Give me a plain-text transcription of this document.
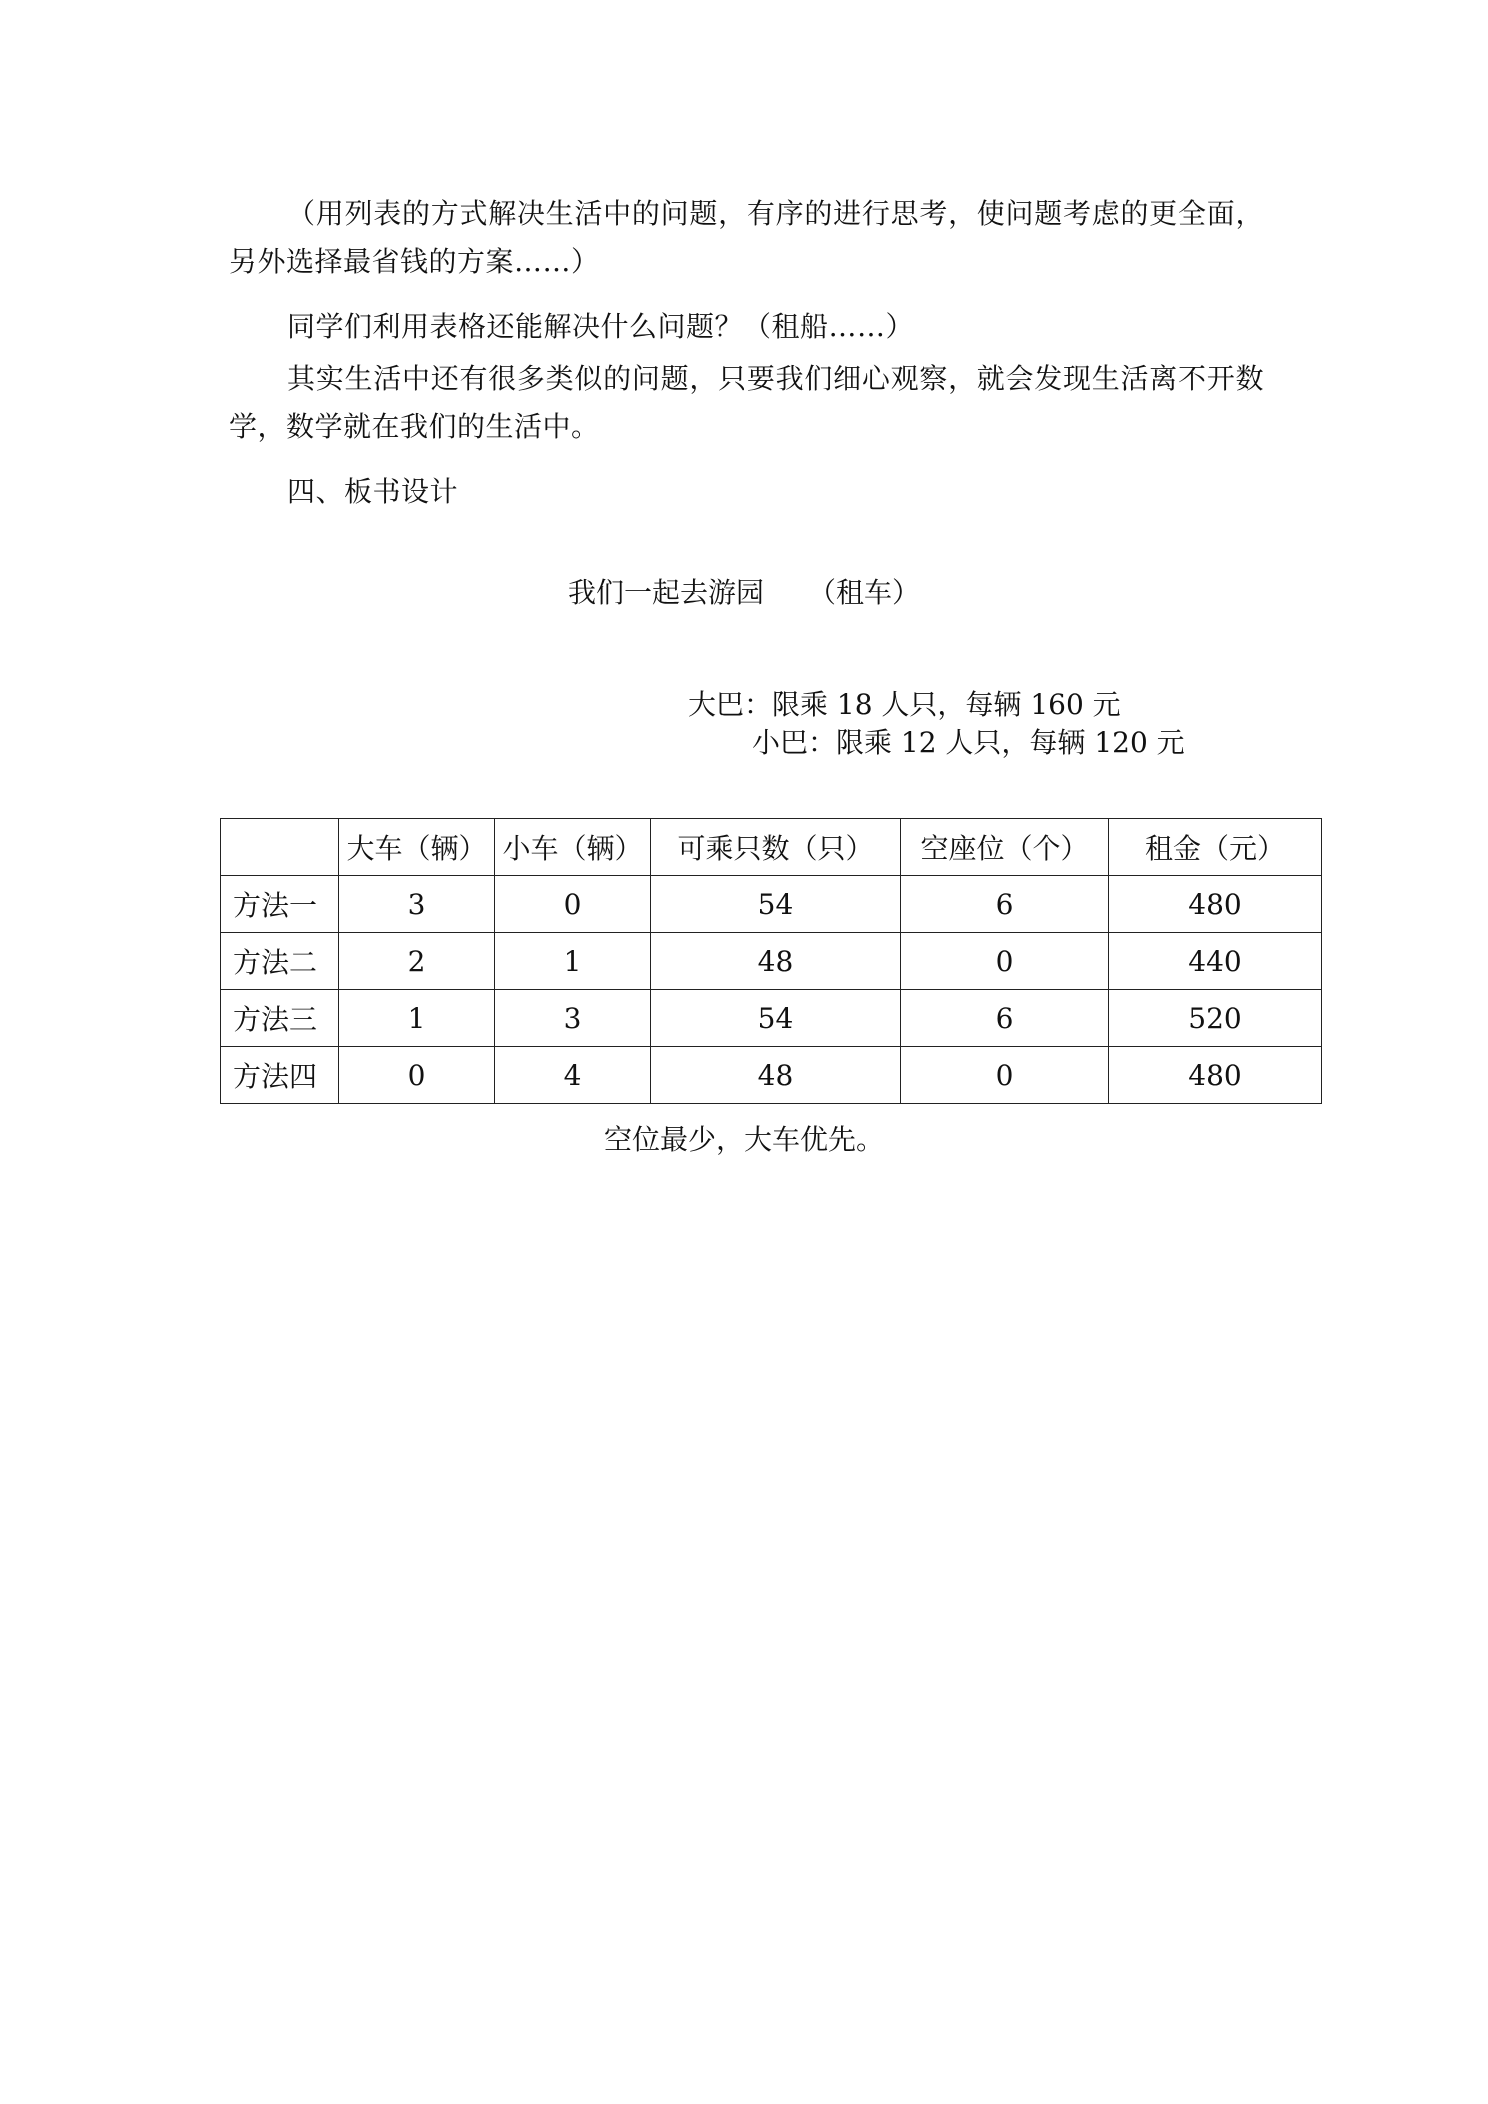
（用列表的方式解决生活中的问题，有序的进行思考，使问题考虑的更全面，另外选择最省钱的方案……）

同学们利用表格还能解决什么问题？（租船……）

其实生活中还有很多类似的问题，只要我们细心观察，就会发现生活离不开数学，数学就在我们的生活中。

四、板书设计

我们一起去游园 （租车）

大巴：限乘 18 人只，每辆 160 元

小巴：限乘 12 人只，每辆 120 元

	大车（辆）	小车（辆）	可乘只数（只）	空座位（个）	租金（元）
方法一	3	0	54	6	480
方法二	2	1	48	0	440
方法三	1	3	54	6	520
方法四	0	4	48	0	480

空位最少，大车优先。
